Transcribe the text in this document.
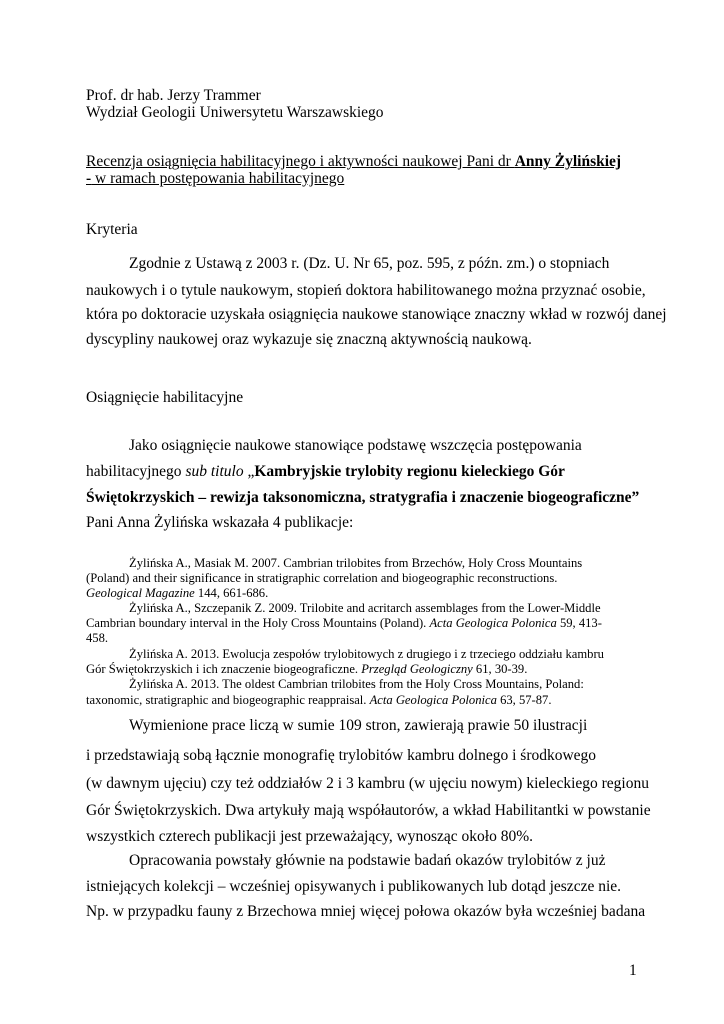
Prof. dr hab. Jerzy Trammer
Wydział Geologii Uniwersytetu Warszawskiego
Recenzja osiągnięcia habilitacyjnego i aktywności naukowej Pani dr Anny Żylińskiej
- w ramach postępowania habilitacyjnego
Kryteria
Zgodnie z Ustawą z 2003 r. (Dz. U. Nr 65, poz. 595, z późn. zm.) o stopniach
naukowych i o tytule naukowym, stopień doktora habilitowanego można przyznać osobie,
która po doktoracie uzyskała osiągnięcia naukowe stanowiące znaczny wkład w rozwój danej
dyscypliny naukowej oraz wykazuje się znaczną aktywnością naukową.
Osiągnięcie habilitacyjne
Jako osiągnięcie naukowe stanowiące podstawę wszczęcia postępowania
habilitacyjnego sub titulo „Kambryjskie trylobity regionu kieleckiego Gór
Świętokrzyskich – rewizja taksonomiczna, stratygrafia i znaczenie biogeograficzne”
Pani Anna Żylińska wskazała 4 publikacje:
Żylińska A., Masiak M. 2007. Cambrian trilobites from Brzechów, Holy Cross Mountains
(Poland) and their significance in stratigraphic correlation and biogeographic reconstructions.
Geological Magazine 144, 661-686.
Żylińska A., Szczepanik Z. 2009. Trilobite and acritarch assemblages from the Lower-Middle
Cambrian boundary interval in the Holy Cross Mountains (Poland). Acta Geologica Polonica 59, 413-
458.
Żylińska A. 2013. Ewolucja zespołów trylobitowych z drugiego i z trzeciego oddziału kambru
Gór Świętokrzyskich i ich znaczenie biogeograficzne. Przegląd Geologiczny 61, 30-39.
Żylińska A. 2013. The oldest Cambrian trilobites from the Holy Cross Mountains, Poland:
taxonomic, stratigraphic and biogeographic reappraisal. Acta Geologica Polonica 63, 57-87.
Wymienione prace liczą w sumie 109 stron, zawierają prawie 50 ilustracji
i przedstawiają sobą łącznie monografię trylobitów kambru dolnego i środkowego
(w dawnym ujęciu) czy też oddziałów 2 i 3 kambru (w ujęciu nowym) kieleckiego regionu
Gór Świętokrzyskich. Dwa artykuły mają współautorów, a wkład Habilitantki w powstanie
wszystkich czterech publikacji jest przeważający, wynosząc około 80%.
Opracowania powstały głównie na podstawie badań okazów trylobitów z już
istniejących kolekcji – wcześniej opisywanych i publikowanych lub dotąd jeszcze nie.
Np. w przypadku fauny z Brzechowa mniej więcej połowa okazów była wcześniej badana
1
